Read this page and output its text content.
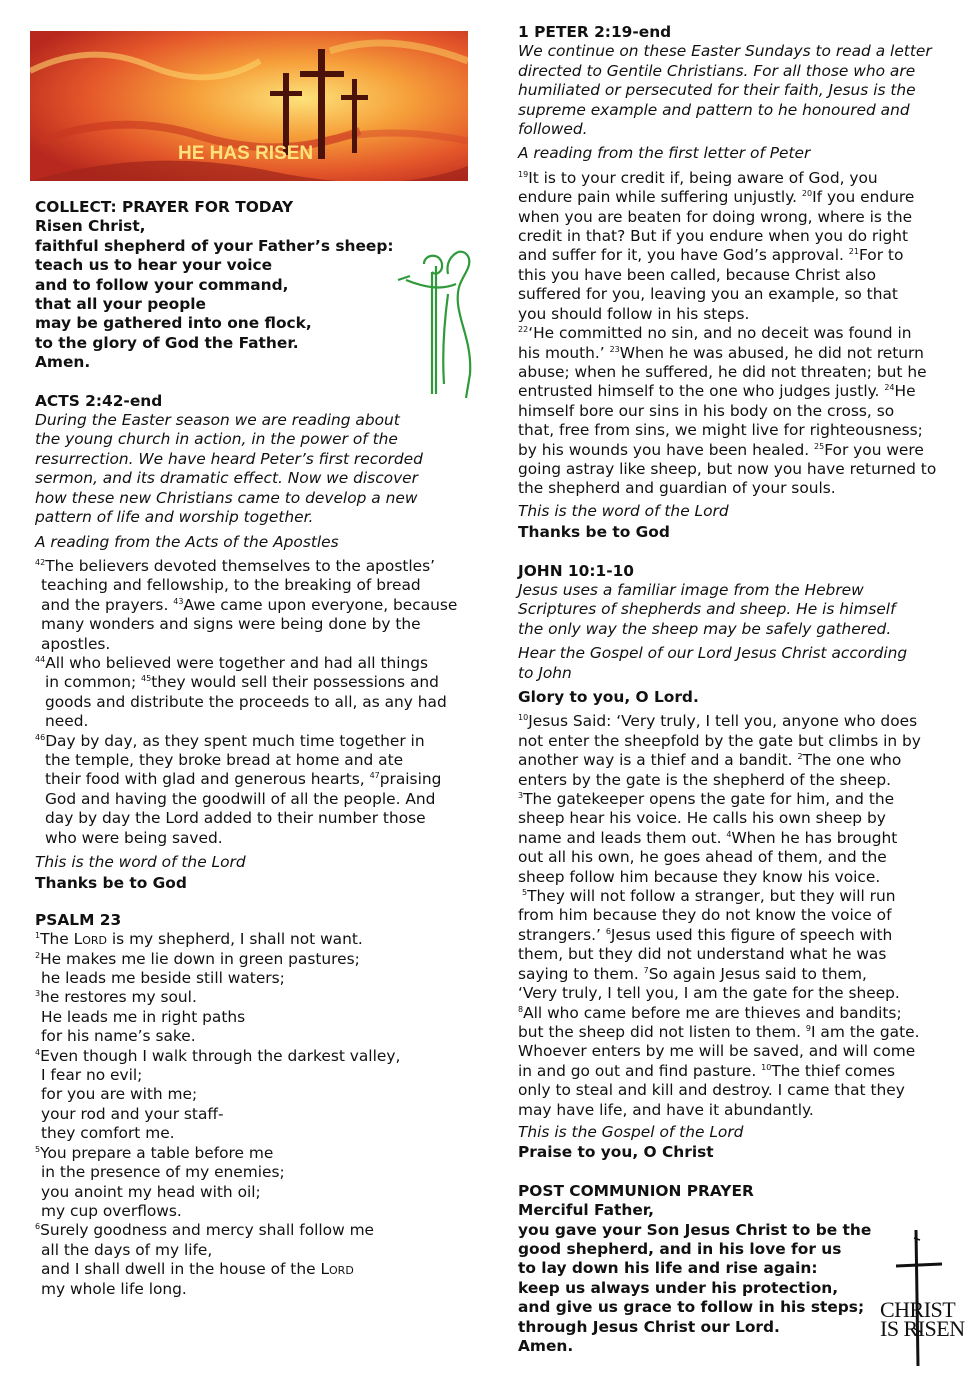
HE HAS RISEN
CHRIST
IS RISEN
COLLECT: PRAYER FOR TODAY
Risen Christ,
faithful shepherd of your Father’s sheep:
teach us to hear your voice
and to follow your command,
that all your people
may be gathered into one flock,
to the glory of God the Father.
Amen.
ACTS 2:42-end
During the Easter season we are reading about
the young church in action, in the power of the
resurrection. We have heard Peter’s first recorded
sermon, and its dramatic effect. Now we discover
how these new Christians came to develop a new
pattern of life and worship together.
A reading from the Acts of the Apostles
$^{42}$The believers devoted themselves to the apostles’
teaching and fellowship, to the breaking of bread
and the prayers. $^{43}$Awe came upon everyone, because
many wonders and signs were being done by the
apostles.
$^{44}$All who believed were together and had all things
in common; $^{45}$they would sell their possessions and
goods and distribute the proceeds to all, as any had
need.
$^{46}$Day by day, as they spent much time together in
the temple, they broke bread at home and ate
their food with glad and generous hearts, $^{47}$praising
God and having the goodwill of all the people. And
day by day the Lord added to their number those
who were being saved.
This is the word of the Lord
Thanks be to God
PSALM 23
$^1$The Lord is my shepherd, I shall not want.
$^2$He makes me lie down in green pastures;
he leads me beside still waters;
$^3$he restores my soul.
He leads me in right paths
for his name’s sake.
$^4$Even though I walk through the darkest valley,
I fear no evil;
for you are with me;
your rod and your staff-
they comfort me.
$^5$You prepare a table before me
in the presence of my enemies;
you anoint my head with oil;
my cup overflows.
$^6$Surely goodness and mercy shall follow me
all the days of my life,
and I shall dwell in the house of the Lord
my whole life long.
1 PETER 2:19-end
We continue on these Easter Sundays to read a letter
directed to Gentile Christians. For all those who are
humiliated or persecuted for their faith, Jesus is the
supreme example and pattern to he honoured and
followed.
A reading from the first letter of Peter
$^{19}$It is to your credit if, being aware of God, you
endure pain while suffering unjustly. $^{20}$If you endure
when you are beaten for doing wrong, where is the
credit in that? But if you endure when you do right
and suffer for it, you have God’s approval. $^{21}$For to
this you have been called, because Christ also
suffered for you, leaving you an example, so that
you should follow in his steps.
$^{22}$‘He committed no sin, and no deceit was found in
his mouth.’ $^{23}$When he was abused, he did not return
abuse; when he suffered, he did not threaten; but he
entrusted himself to the one who judges justly. $^{24}$He
himself bore our sins in his body on the cross, so
that, free from sins, we might live for righteousness;
by his wounds you have been healed. $^{25}$For you were
going astray like sheep, but now you have returned to
the shepherd and guardian of your souls.
This is the word of the Lord
Thanks be to God
JOHN 10:1-10
Jesus uses a familiar image from the Hebrew
Scriptures of shepherds and sheep. He is himself
the only way the sheep may be safely gathered.
Hear the Gospel of our Lord Jesus Christ according
to John
Glory to you, O Lord.
$^{10}$Jesus Said: ‘Very truly, I tell you, anyone who does
not enter the sheepfold by the gate but climbs in by
another way is a thief and a bandit. $^2$The one who
enters by the gate is the shepherd of the sheep.
$^3$The gatekeeper opens the gate for him, and the
sheep hear his voice. He calls his own sheep by
name and leads them out. $^4$When he has brought
out all his own, he goes ahead of them, and the
sheep follow him because they know his voice.
$^5$They will not follow a stranger, but they will run
from him because they do not know the voice of
strangers.’ $^6$Jesus used this figure of speech with
them, but they did not understand what he was
saying to them. $^7$So again Jesus said to them,
‘Very truly, I tell you, I am the gate for the sheep.
$^8$All who came before me are thieves and bandits;
but the sheep did not listen to them. $^9$I am the gate.
Whoever enters by me will be saved, and will come
in and go out and find pasture. $^{10}$The thief comes
only to steal and kill and destroy. I came that they
may have life, and have it abundantly.
This is the Gospel of the Lord
Praise to you, O Christ
POST COMMUNION PRAYER
Merciful Father,
you gave your Son Jesus Christ to be the
good shepherd, and in his love for us
to lay down his life and rise again:
keep us always under his protection,
and give us grace to follow in his steps;
through Jesus Christ our Lord.
Amen.
